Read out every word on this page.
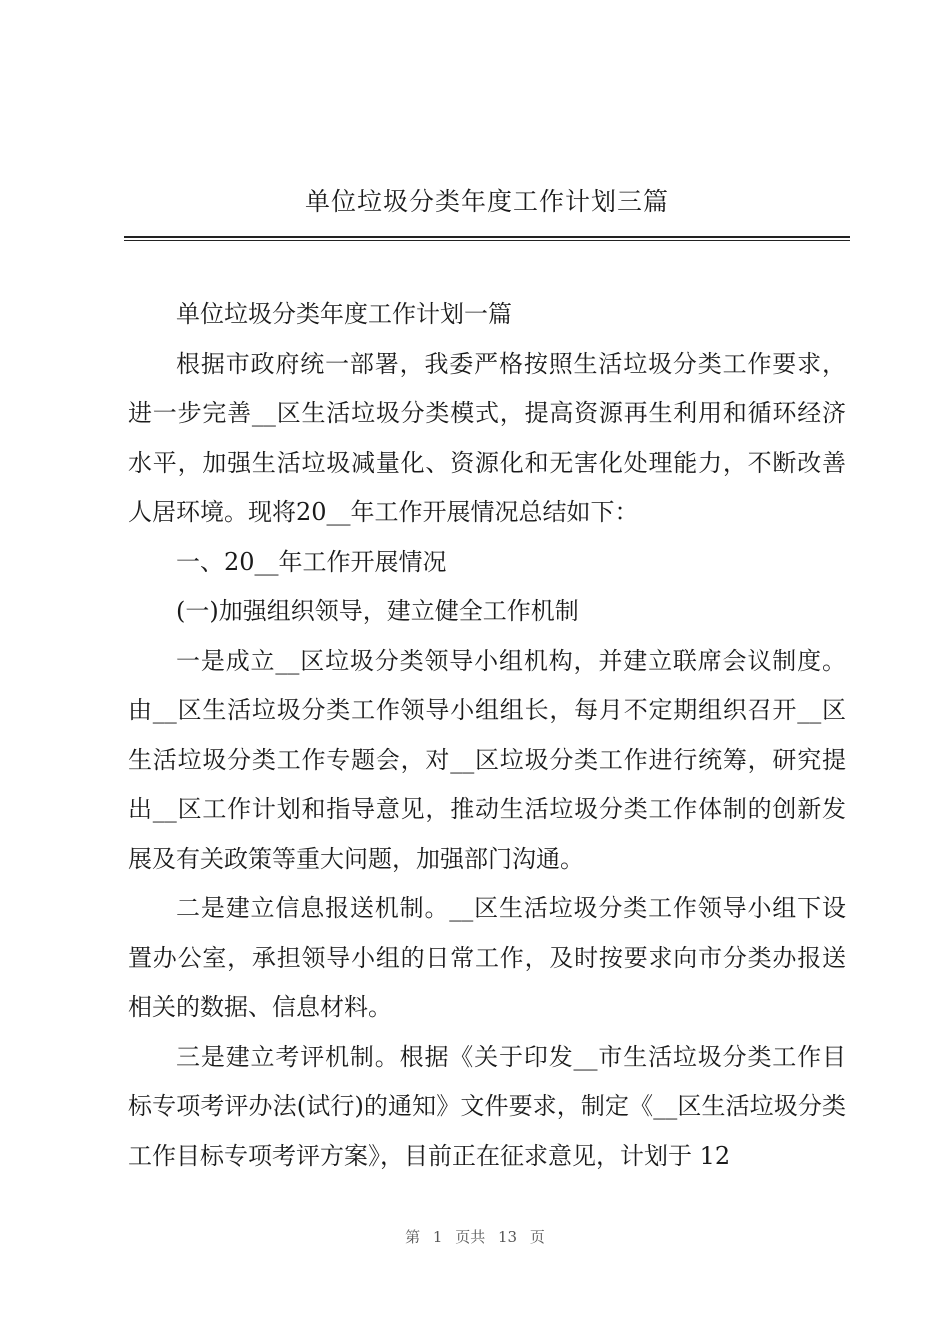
单位垃圾分类年度工作计划三篇

单位垃圾分类年度工作计划一篇

根据市政府统一部署，我委严格按照生活垃圾分类工作要求，进一步完善__区生活垃圾分类模式，提高资源再生利用和循环经济水平，加强生活垃圾减量化、资源化和无害化处理能力，不断改善人居环境。现将20__年工作开展情况总结如下：

一、20__年工作开展情况

(一)加强组织领导，建立健全工作机制

一是成立__区垃圾分类领导小组机构，并建立联席会议制度。由__区生活垃圾分类工作领导小组组长，每月不定期组织召开__区生活垃圾分类工作专题会，对__区垃圾分类工作进行统筹，研究提出__区工作计划和指导意见，推动生活垃圾分类工作体制的创新发展及有关政策等重大问题，加强部门沟通。

二是建立信息报送机制。__区生活垃圾分类工作领导小组下设置办公室，承担领导小组的日常工作，及时按要求向市分类办报送相关的数据、信息材料。

三是建立考评机制。根据《关于印发__市生活垃圾分类工作目标专项考评办法(试行)的通知》文件要求，制定《__区生活垃圾分类工作目标专项考评方案》，目前正在征求意见，计划于 12

第 1 页共 13 页
